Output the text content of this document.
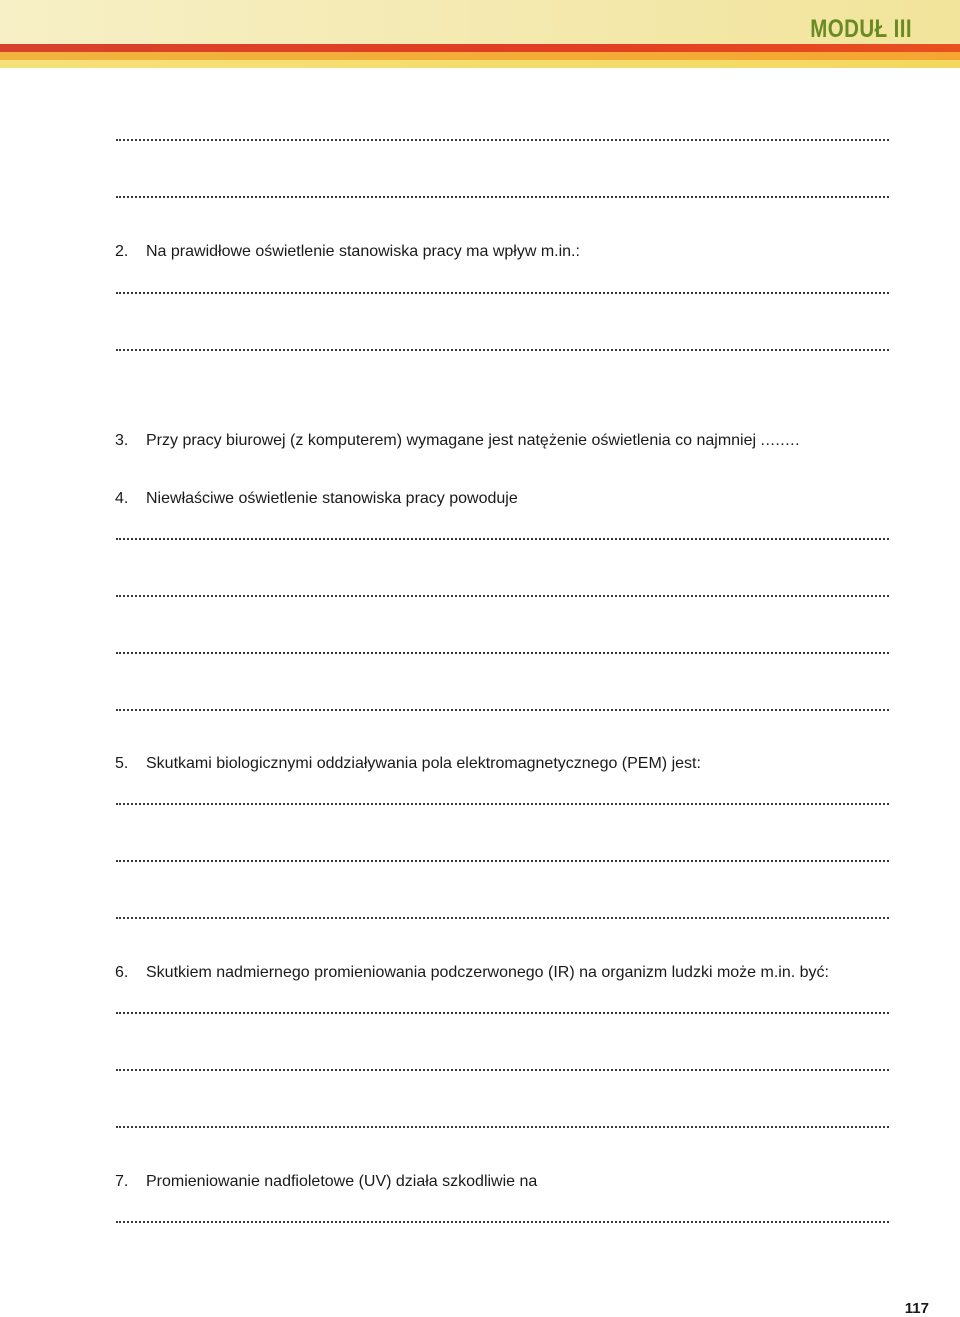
MODUŁ III
2. Na prawidłowe oświetlenie stanowiska pracy ma wpływ m.in.:
3. Przy pracy biurowej (z komputerem) wymagane jest natężenie oświetlenia co najmniej ........
4. Niewłaściwe oświetlenie stanowiska pracy powoduje
5. Skutkami biologicznymi oddziaływania pola elektromagnetycznego (PEM) jest:
6. Skutkiem nadmiernego promieniowania podczerwonego (IR) na organizm ludzki może m.in. być:
7. Promieniowanie nadfioletowe (UV) działa szkodliwie na
117
